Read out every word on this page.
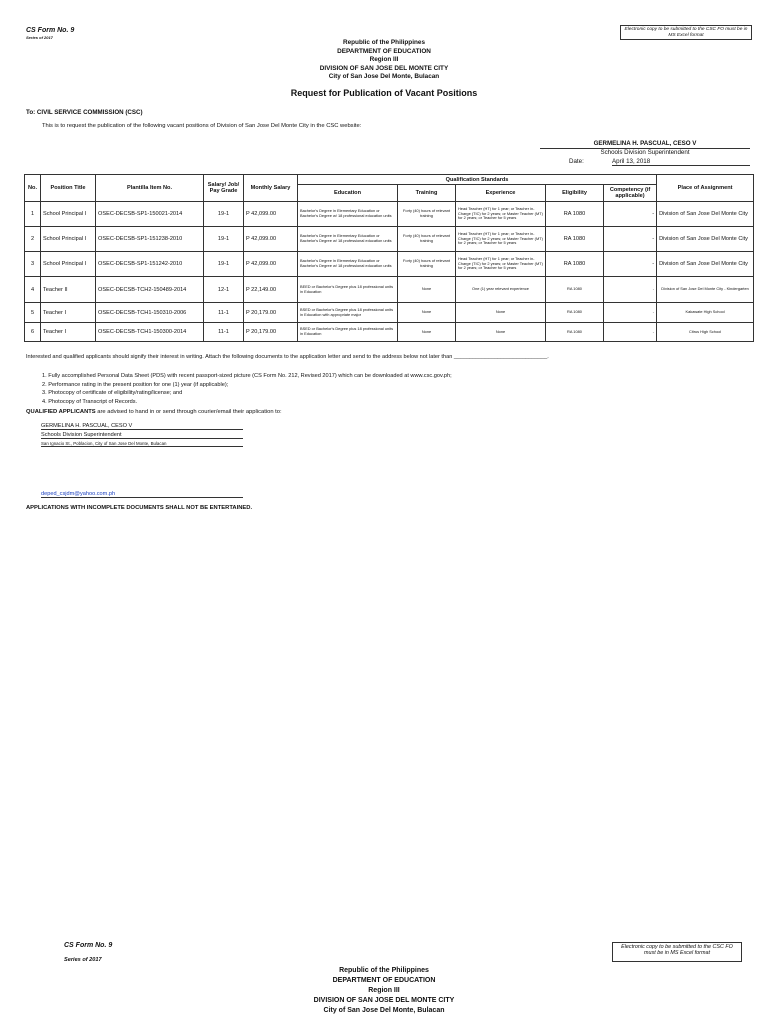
CS Form No. 9
Series of 2017
Electronic copy to be submitted to the CSC FO must be in MS Excel format
Republic of the Philippines
DEPARTMENT OF EDUCATION
Region III
DIVISION OF SAN JOSE DEL MONTE CITY
City of San Jose Del Monte, Bulacan
Request for Publication of Vacant Positions
To: CIVIL SERVICE COMMISSION (CSC)
This is to request the publication of the following vacant positions of Division of San Jose Del Monte City in the CSC website:
GERMELINA H. PASCUAL, CESO V
Schools Division Superintendent
Date:	April 13, 2018
No.	Position Title	Plantilla Item No.	Salary/ Job/ Pay Grade	Monthly Salary	Qualification Standards					Place of Assignment
					Education	Training	Experience	Eligibility	Competency (if applicable)	
1	School Principal I	OSEC-DECSB-SP1-150021-2014	19-1	P 42,099.00	Bachelor's Degree in Elementary Education or Bachelor's Degree w/ 18 professional education units	Forty (40) hours of relevant training	Head Teacher (HT) for 1 year; or Teacher in-Charge (TIC) for 2 years; or Master Teacher (MT) for 2 years; or Teacher for 5 years	RA 1080	-	Division of San Jose Del Monte City
2	School Principal I	OSEC-DECSB-SP1-151238-2010	19-1	P 42,099.00	Bachelor's Degree in Elementary Education or Bachelor's Degree w/ 18 professional education units	Forty (40) hours of relevant training	Head Teacher (HT) for 1 year; or Teacher in-Charge (TIC) for 2 years; or Master Teacher (MT) for 2 years; or Teacher for 5 years	RA 1080	-	Division of San Jose Del Monte City
3	School Principal I	OSEC-DECSB-SP1-151242-2010	19-1	P 42,099.00	Bachelor's Degree in Elementary Education or Bachelor's Degree w/ 18 professional education units	Forty (40) hours of relevant training	Head Teacher (HT) for 1 year; or Teacher in-Charge (TIC) for 2 years; or Master Teacher (MT) for 2 years; or Teacher for 5 years	RA 1080	-	Division of San Jose Del Monte City
4	Teacher II	OSEC-DECSB-TCH2-150489-2014	12-1	P 22,149.00	BEED or Bachelor's Degree plus 18 professional units in Education	None	One (1) year relevant experience	RA 1080	-	Division of San Jose Del Monte City - Kindergarten
5	Teacher I	OSEC-DECSB-TCH1-150310-2006	11-1	P 20,179.00	BSED or Bachelor's Degree plus 18 professional units in Education with appropriate major	None	None	RA 1080	-	Kakawate High School
6	Teacher I	OSEC-DECSB-TCH1-150300-2014	11-1	P 20,179.00	BSED or Bachelor's Degree plus 18 professional units in Education	None	None	RA 1080	-	Citrus High School
Interested and qualified applicants should signify their interest in writing. Attach the following documents to the application letter and send to the address below not later than ______________________________.
1. Fully accomplished Personal Data Sheet (PDS) with recent passport-sized picture (CS Form No. 212, Revised 2017) which can be downloaded at www.csc.gov.ph;
2. Performance rating in the present position for one (1) year (if applicable);
3. Photocopy of certificate of eligibility/rating/license; and
4. Photocopy of Transcript of Records.
QUALIFIED APPLICANTS are advised to hand in or send through courier/email their application to:
GERMELINA H. PASCUAL, CESO V
Schools Division Superintendent
San Ignacio St., Poblacion, City of San Jose Del Monte, Bulacan
deped_csjdm@yahoo.com.ph
APPLICATIONS WITH INCOMPLETE DOCUMENTS SHALL NOT BE ENTERTAINED.
CS Form No. 9
Series of 2017
Electronic copy to be submitted to the CSC FO must be in MS Excel format
Republic of the Philippines
DEPARTMENT OF EDUCATION
Region III
DIVISION OF SAN JOSE DEL MONTE CITY
City of San Jose Del Monte, Bulacan
